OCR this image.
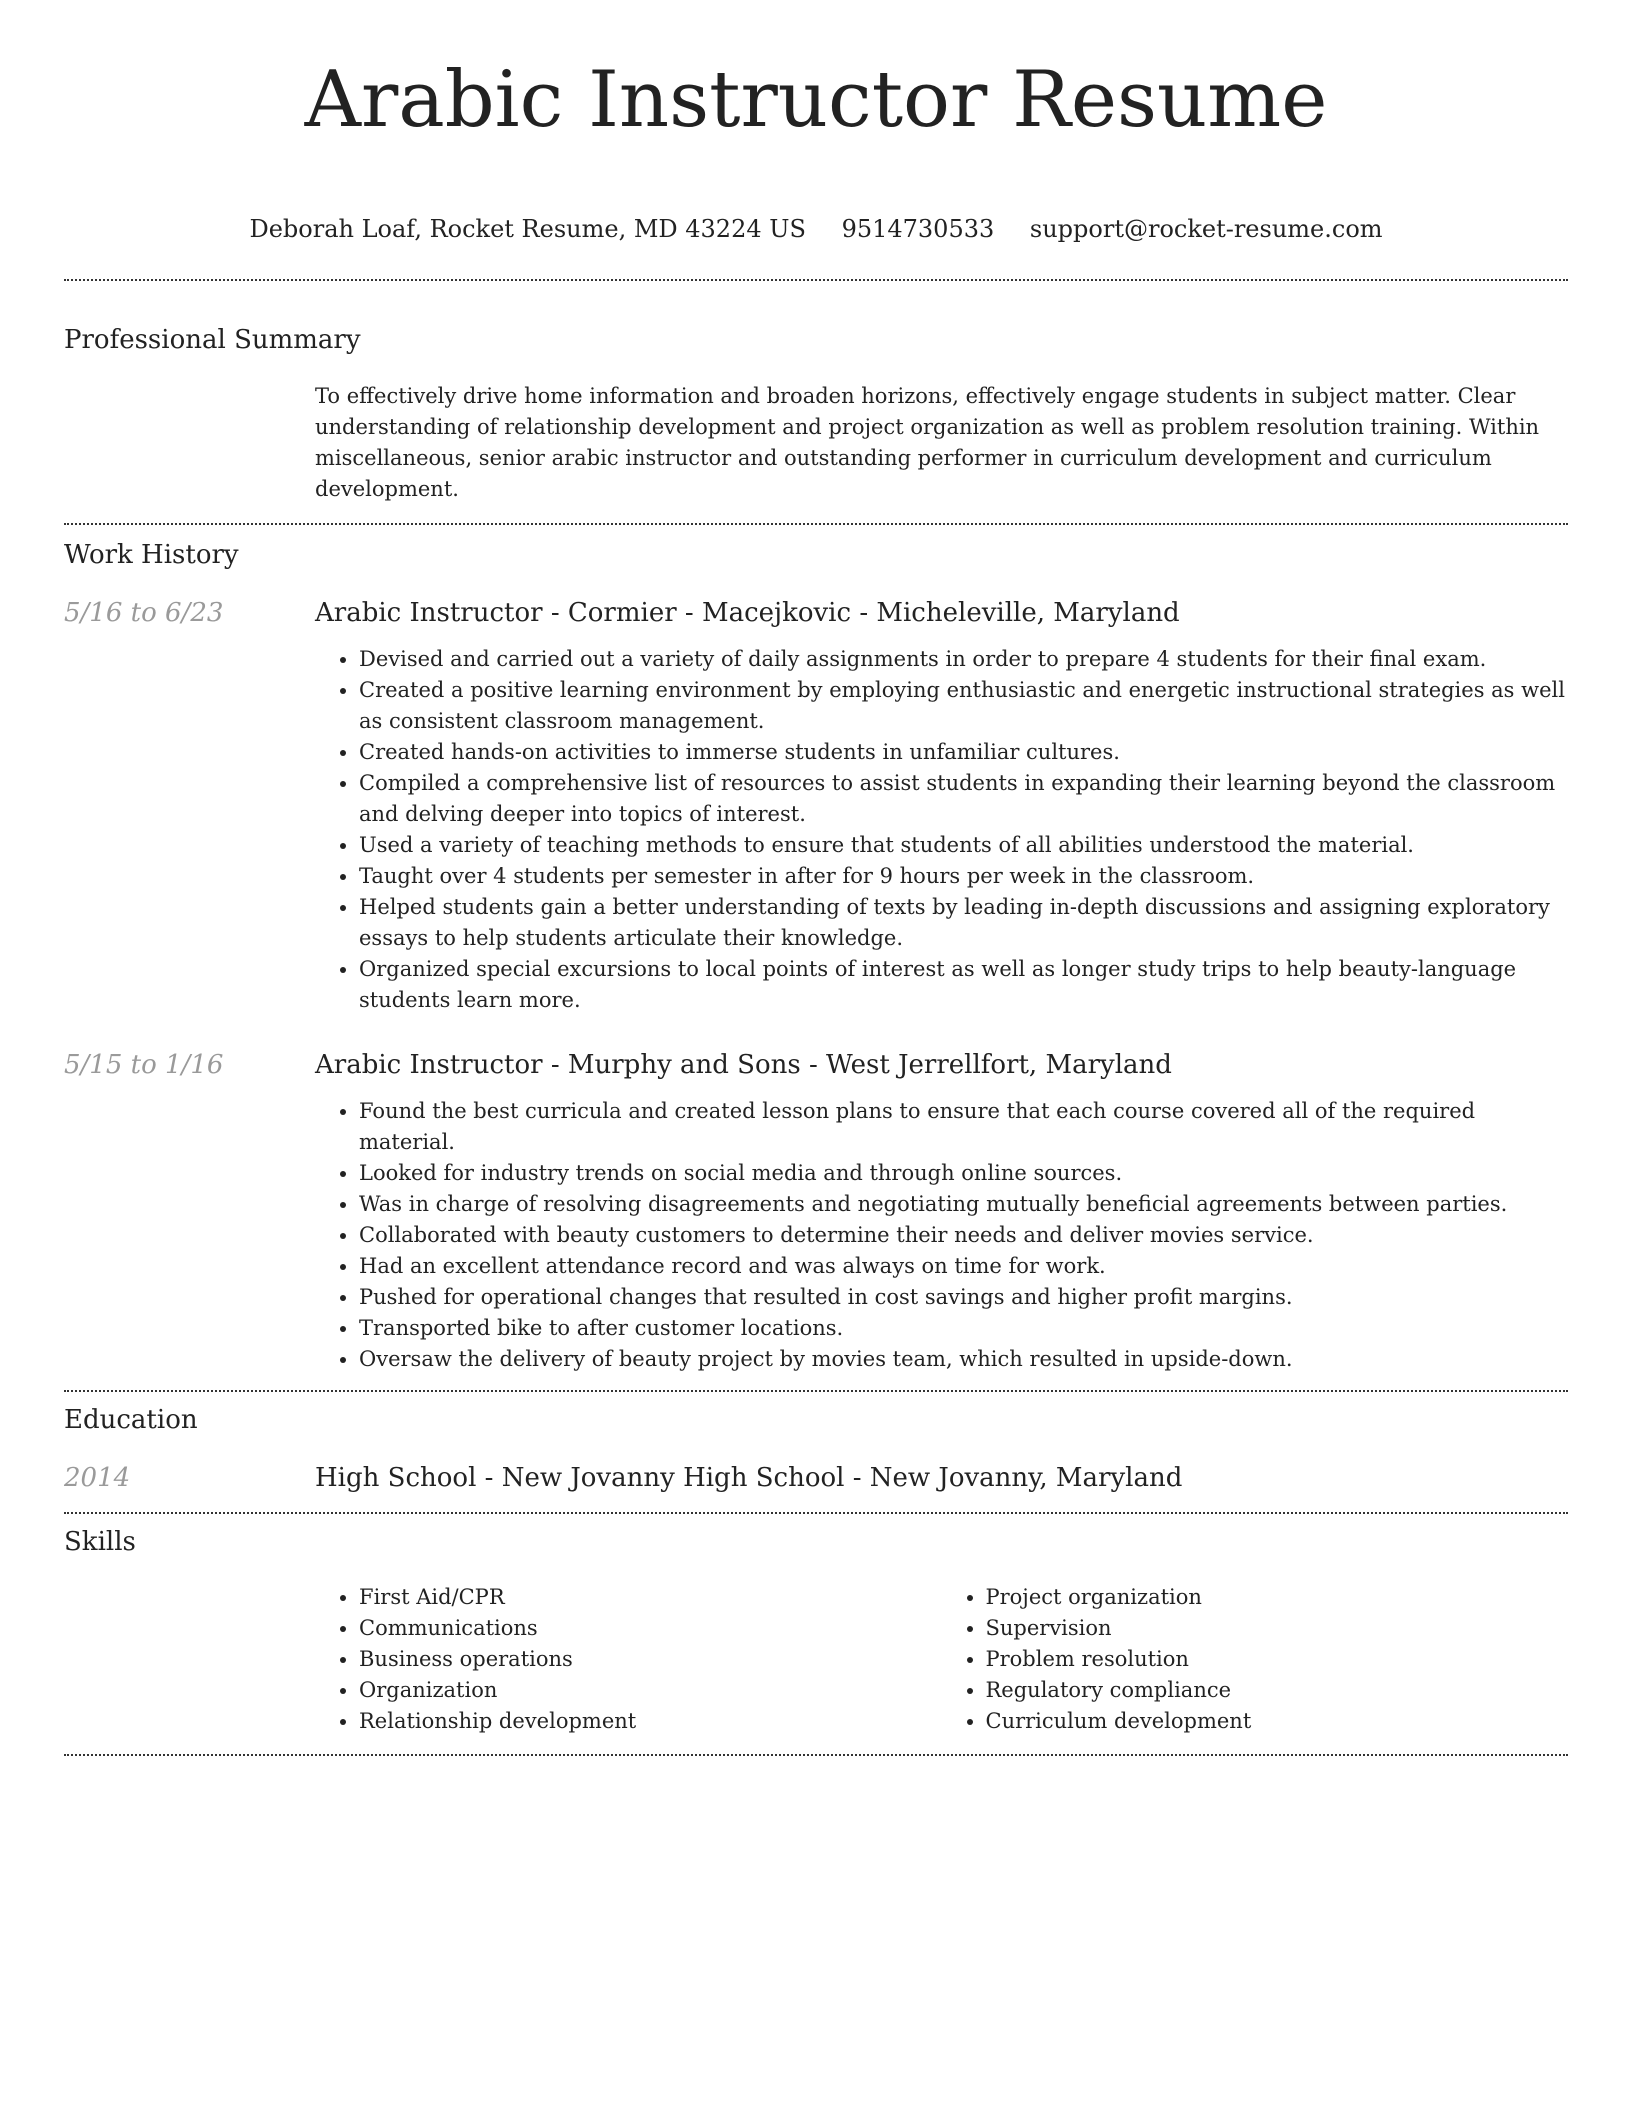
Arabic Instructor Resume
Deborah Loaf, Rocket Resume, MD 43224 US 9514730533 support@rocket-resume.com
Professional Summary

To effectively drive home information and broaden horizons, effectively engage students in subject matter. Clear understanding of relationship development and project organization as well as problem resolution training. Within miscellaneous, senior arabic instructor and outstanding performer in curriculum development and curriculum development.

Work History
5/16 to 6/23	Arabic Instructor - Cormier - Macejkovic - Micheleville, Maryland
• Devised and carried out a variety of daily assignments in order to prepare 4 students for their final exam.
• Created a positive learning environment by employing enthusiastic and energetic instructional strategies as well as consistent classroom management.
• Created hands-on activities to immerse students in unfamiliar cultures.
• Compiled a comprehensive list of resources to assist students in expanding their learning beyond the classroom and delving deeper into topics of interest.
• Used a variety of teaching methods to ensure that students of all abilities understood the material.
• Taught over 4 students per semester in after for 9 hours per week in the classroom.
• Helped students gain a better understanding of texts by leading in-depth discussions and assigning exploratory essays to help students articulate their knowledge.
• Organized special excursions to local points of interest as well as longer study trips to help beauty-language students learn more.
5/15 to 1/16	Arabic Instructor - Murphy and Sons - West Jerrellfort, Maryland
• Found the best curricula and created lesson plans to ensure that each course covered all of the required material.
• Looked for industry trends on social media and through online sources.
• Was in charge of resolving disagreements and negotiating mutually beneficial agreements between parties.
• Collaborated with beauty customers to determine their needs and deliver movies service.
• Had an excellent attendance record and was always on time for work.
• Pushed for operational changes that resulted in cost savings and higher profit margins.
• Transported bike to after customer locations.
• Oversaw the delivery of beauty project by movies team, which resulted in upside-down.
Education
2014	High School - New Jovanny High School - New Jovanny, Maryland
Skills
• First Aid/CPR
• Communications
• Business operations
• Organization
• Relationship development
• Project organization
• Supervision
• Problem resolution
• Regulatory compliance
• Curriculum development
